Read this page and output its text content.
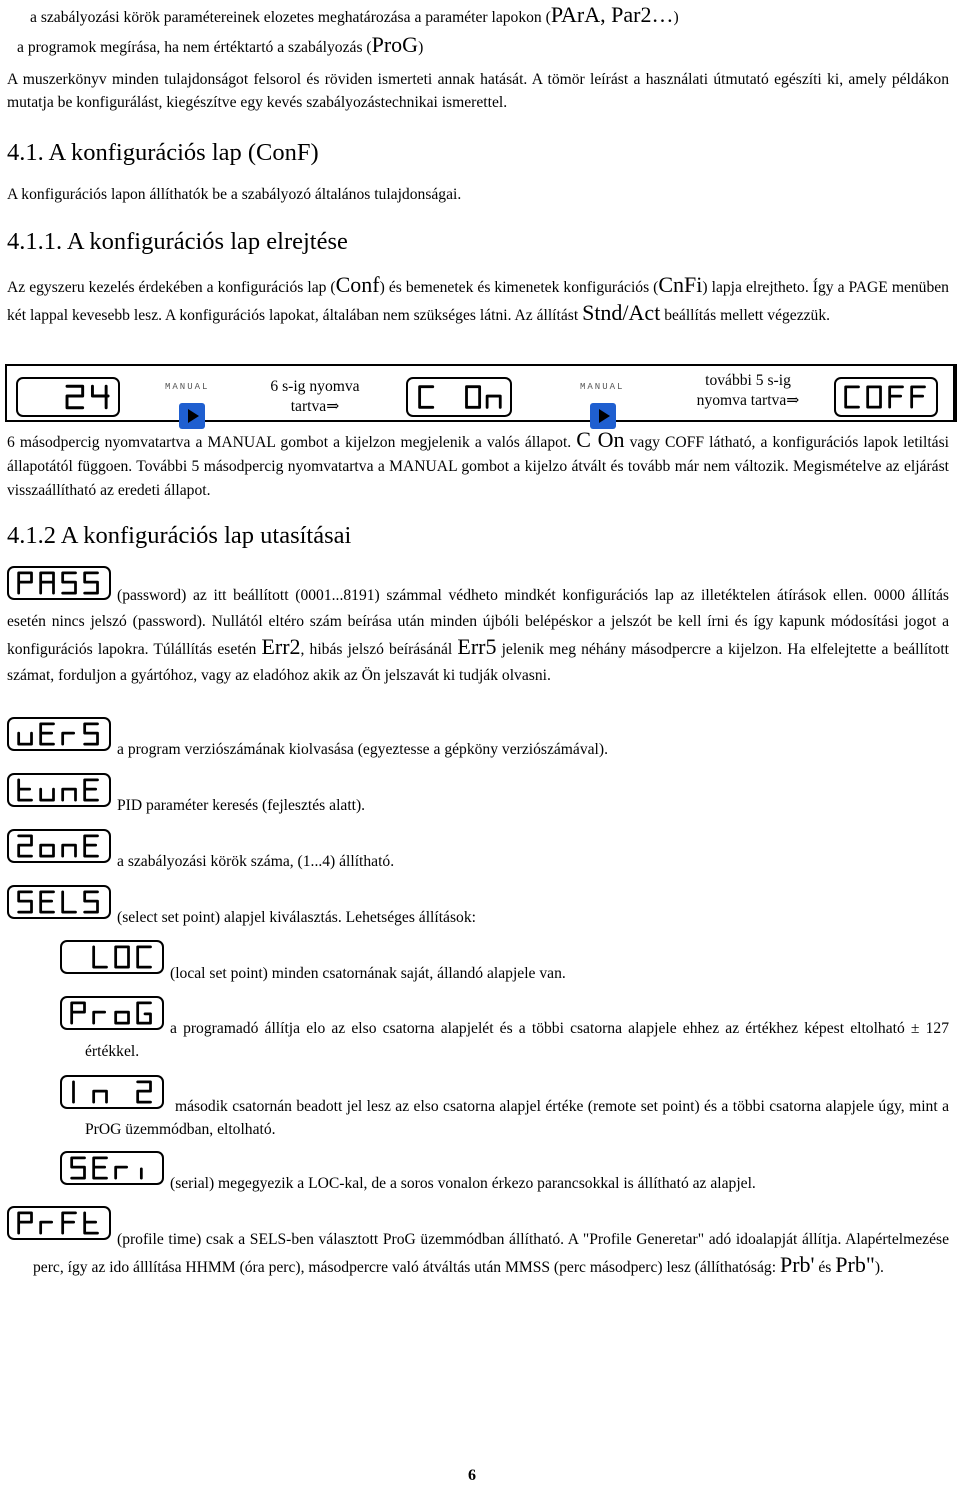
a szabályozási körök paramétereinek elozetes meghatározása a paraméter lapokon (PArA, Par2…)
a programok megírása, ha nem értéktartó a szabályozás (ProG)
A muszerkönyv minden tulajdonságot felsorol és röviden ismerteti annak hatását. A tömör leírást a használati útmutató egészíti ki, amely példákon mutatja be konfigurálást, kiegészítve egy kevés szabályozástechnikai ismerettel.
4.1. A konfigurációs lap (ConF)
A konfigurációs lapon állíthatók be a szabályozó általános tulajdonságai.
4.1.1. A konfigurációs lap elrejtése
Az egyszeru kezelés érdekében a konfigurációs lap (Conf) és bemenetek és kimenetek konfigurációs (CnFi) lapja elrejtheto. Így a PAGE menüben két lappal kevesebb lesz. A konfigurációs lapokat, általában nem szükséges látni. Az állítást Stnd/Act beállítás mellett végezzük.
MANUAL	6 s-ig nyomva
tartva⇒
MANUAL	további 5 s-ig
nyomva tartva⇒
6 másodpercig nyomvatartva a MANUAL gombot a kijelzon megjelenik a valós állapot. C On vagy COFF látható, a konfigurációs lapok letiltási állapotától függoen. További 5 másodpercig nyomvatartva a MANUAL gombot a kijelzo átvált és tovább már nem változik. Megismételve az eljárást visszaállítható az eredeti állapot.
4.1.2 A konfigurációs lap utasításai
(password) az itt beállított (0001...8191) számmal védheto mindkét konfigurációs lap az illetéktelen átírások ellen. 0000 állítás esetén nincs jelszó (password). Nullától eltéro szám beírása után minden újbóli belépéskor a jelszót be kell írni és így kapunk módosítási jogot a konfigurációs lapokra. Túlállítás esetén Err2, hibás jelszó beírásánál Err5 jelenik meg néhány másodpercre a kijelzon. Ha elfelejtette a beállított számat, forduljon a gyártóhoz, vagy az eladóhoz akik az Ön jelszavát ki tudják olvasni.
a program verziószámának kiolvasása (egyeztesse a gépköny verziószámával).
PID paraméter keresés (fejlesztés alatt).
a szabályozási körök száma, (1...4) állítható.
(select set point) alapjel kiválasztás. Lehetséges állítások:
(local set point) minden csatornának saját, állandó alapjele van.
a programadó állítja elo az elso csatorna alapjelét és a többi csatorna alapjele ehhez az értékhez képest eltolható ± 127 értékkel.
második csatornán beadott jel lesz az elso csatorna alapjel értéke (remote set point) és a többi csatorna alapjele úgy, mint a PrOG üzemmódban, eltolható.
(serial) megegyezik a LOC-kal, de a soros vonalon érkezo parancsokkal is állítható az alapjel.
(profile time) csak a SELS-ben választott ProG üzemmódban állítható. A "Profile Generetar" adó idoalapját állítja. Alapértelmezése perc, így az ido álllítása HHMM (óra perc), másodpercre való átváltás után MMSS (perc másodperc) lesz (állíthatóság: Prb' és Prb").
6
